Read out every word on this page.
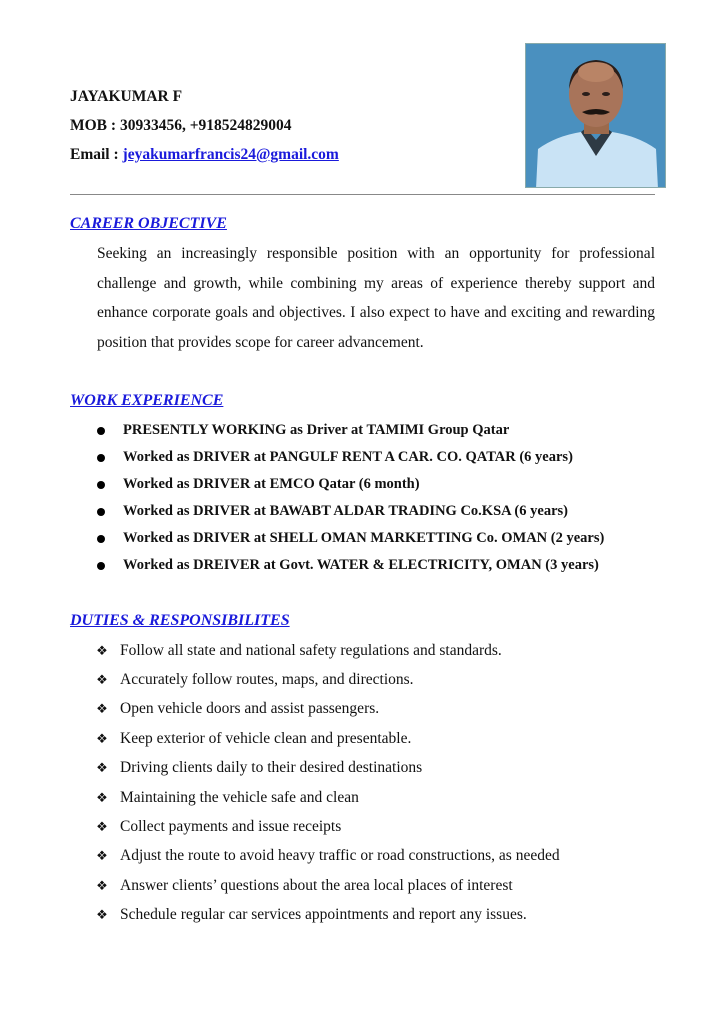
JAYAKUMAR F
MOB : 30933456, +918524829004
Email : jeyakumarfrancis24@gmail.com
CAREER OBJECTIVE
Seeking an increasingly responsible position with an opportunity for professional challenge and growth, while combining my areas of experience thereby support and enhance corporate goals and objectives. I also expect to have and exciting and rewarding position that provides scope for career advancement.
WORK EXPERIENCE
PRESENTLY WORKING as Driver at TAMIMI Group Qatar
Worked as DRIVER at PANGULF RENT A CAR. CO. QATAR (6 years)
Worked as DRIVER at EMCO Qatar (6 month)
Worked as DRIVER at BAWABT ALDAR TRADING Co.KSA (6 years)
Worked as DRIVER at SHELL OMAN MARKETTING Co. OMAN (2 years)
Worked as DREIVER at Govt. WATER & ELECTRICITY, OMAN (3 years)
DUTIES & RESPONSIBILITES
❖ Follow all state and national safety regulations and standards.
❖ Accurately follow routes, maps, and directions.
❖ Open vehicle doors and assist passengers.
❖ Keep exterior of vehicle clean and presentable.
❖ Driving clients daily to their desired destinations
❖ Maintaining the vehicle safe and clean
❖ Collect payments and issue receipts
❖ Adjust the route to avoid heavy traffic or road constructions, as needed
❖ Answer clients’ questions about the area local places of interest
❖ Schedule regular car services appointments and report any issues.
